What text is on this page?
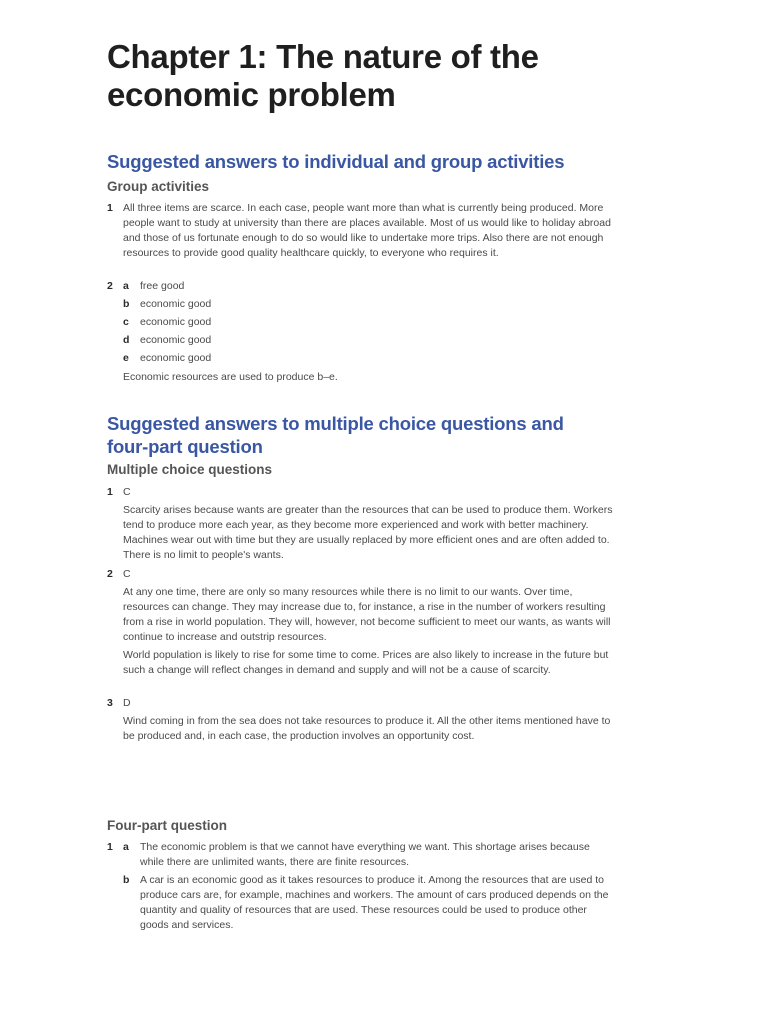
Chapter 1: The nature of the economic problem
Suggested answers to individual and group activities
Group activities
1 All three items are scarce. In each case, people want more than what is currently being produced. More people want to study at university than there are places available. Most of us would like to holiday abroad and those of us fortunate enough to do so would like to undertake more trips. Also there are not enough resources to provide good quality healthcare quickly, to everyone who requires it.

2 a free good
b economic good
c economic good
d economic good
e economic good

Economic resources are used to produce b–e.

Suggested answers to multiple choice questions and four-part question
Multiple choice questions
1 C

Scarcity arises because wants are greater than the resources that can be used to produce them. Workers tend to produce more each year, as they become more experienced and work with better machinery. Machines wear out with time but they are usually replaced by more efficient ones and are often added to. There is no limit to people's wants.

2 C

At any one time, there are only so many resources while there is no limit to our wants. Over time, resources can change. They may increase due to, for instance, a rise in the number of workers resulting from a rise in world population. They will, however, not become sufficient to meet our wants, as wants will continue to increase and outstrip resources.

World population is likely to rise for some time to come. Prices are also likely to increase in the future but such a change will reflect changes in demand and supply and will not be a cause of scarcity.

3 D

Wind coming in from the sea does not take resources to produce it. All the other items mentioned have to be produced and, in each case, the production involves an opportunity cost.

Four-part question
1 a The economic problem is that we cannot have everything we want. This shortage arises because while there are unlimited wants, there are finite resources.

b A car is an economic good as it takes resources to produce it. Among the resources that are used to produce cars are, for example, machines and workers. The amount of cars produced depends on the quantity and quality of resources that are used. These resources could be used to produce other goods and services.
